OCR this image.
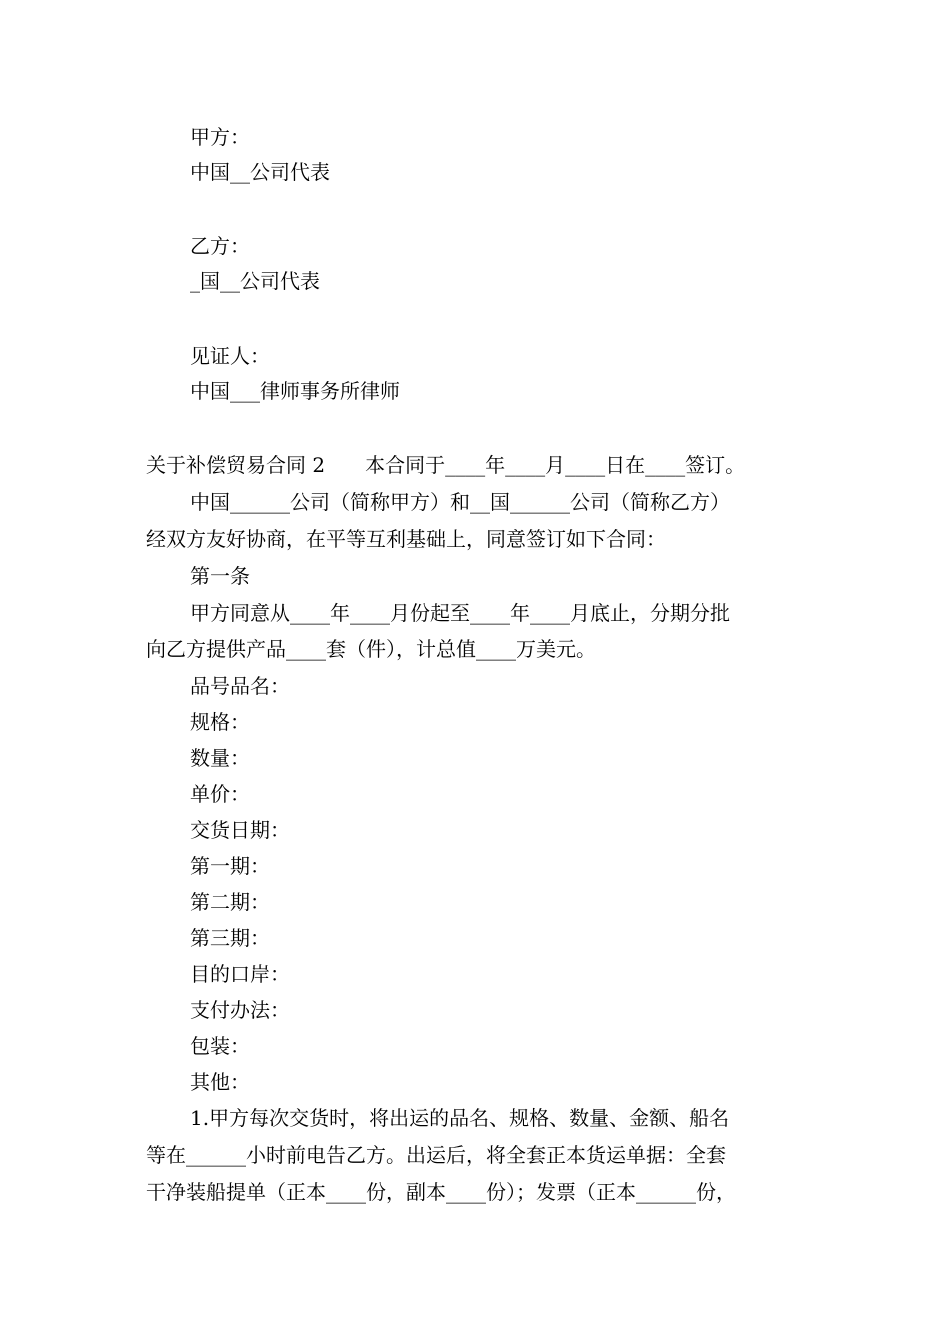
甲方：
中国__公司代表
乙方：
_国__公司代表
见证人：
中国___律师事务所律师
关于补偿贸易合同 2　　本合同于____年____月____日在____签订。
中国______公司（简称甲方）和__国______公司（简称乙方）
经双方友好协商，在平等互利基础上，同意签订如下合同：
第一条
甲方同意从____年____月份起至____年____月底止，分期分批
向乙方提供产品____套（件），计总值____万美元。
品号品名：
规格：
数量：
单价：
交货日期：
第一期：
第二期：
第三期：
目的口岸：
支付办法：
包装：
其他：
1.甲方每次交货时，将出运的品名、规格、数量、金额、船名
等在______小时前电告乙方。出运后，将全套正本货运单据：全套
干净装船提单（正本____份，副本____份）；发票（正本______份，
